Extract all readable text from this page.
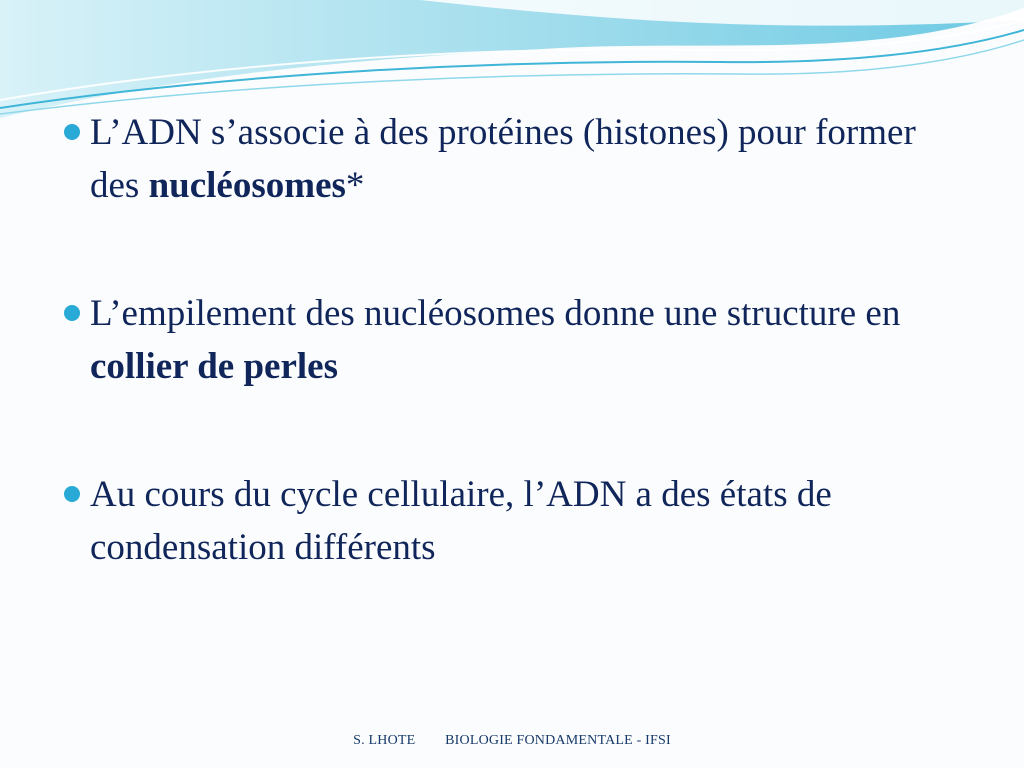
L’ADN s’associe à des protéines (histones) pour former des nucléosomes*
L’empilement des nucléosomes donne une structure en collier de perles
Au cours du cycle cellulaire, l’ADN a des états de condensation différents
S. LHOTE BIOLOGIE FONDAMENTALE - IFSI
